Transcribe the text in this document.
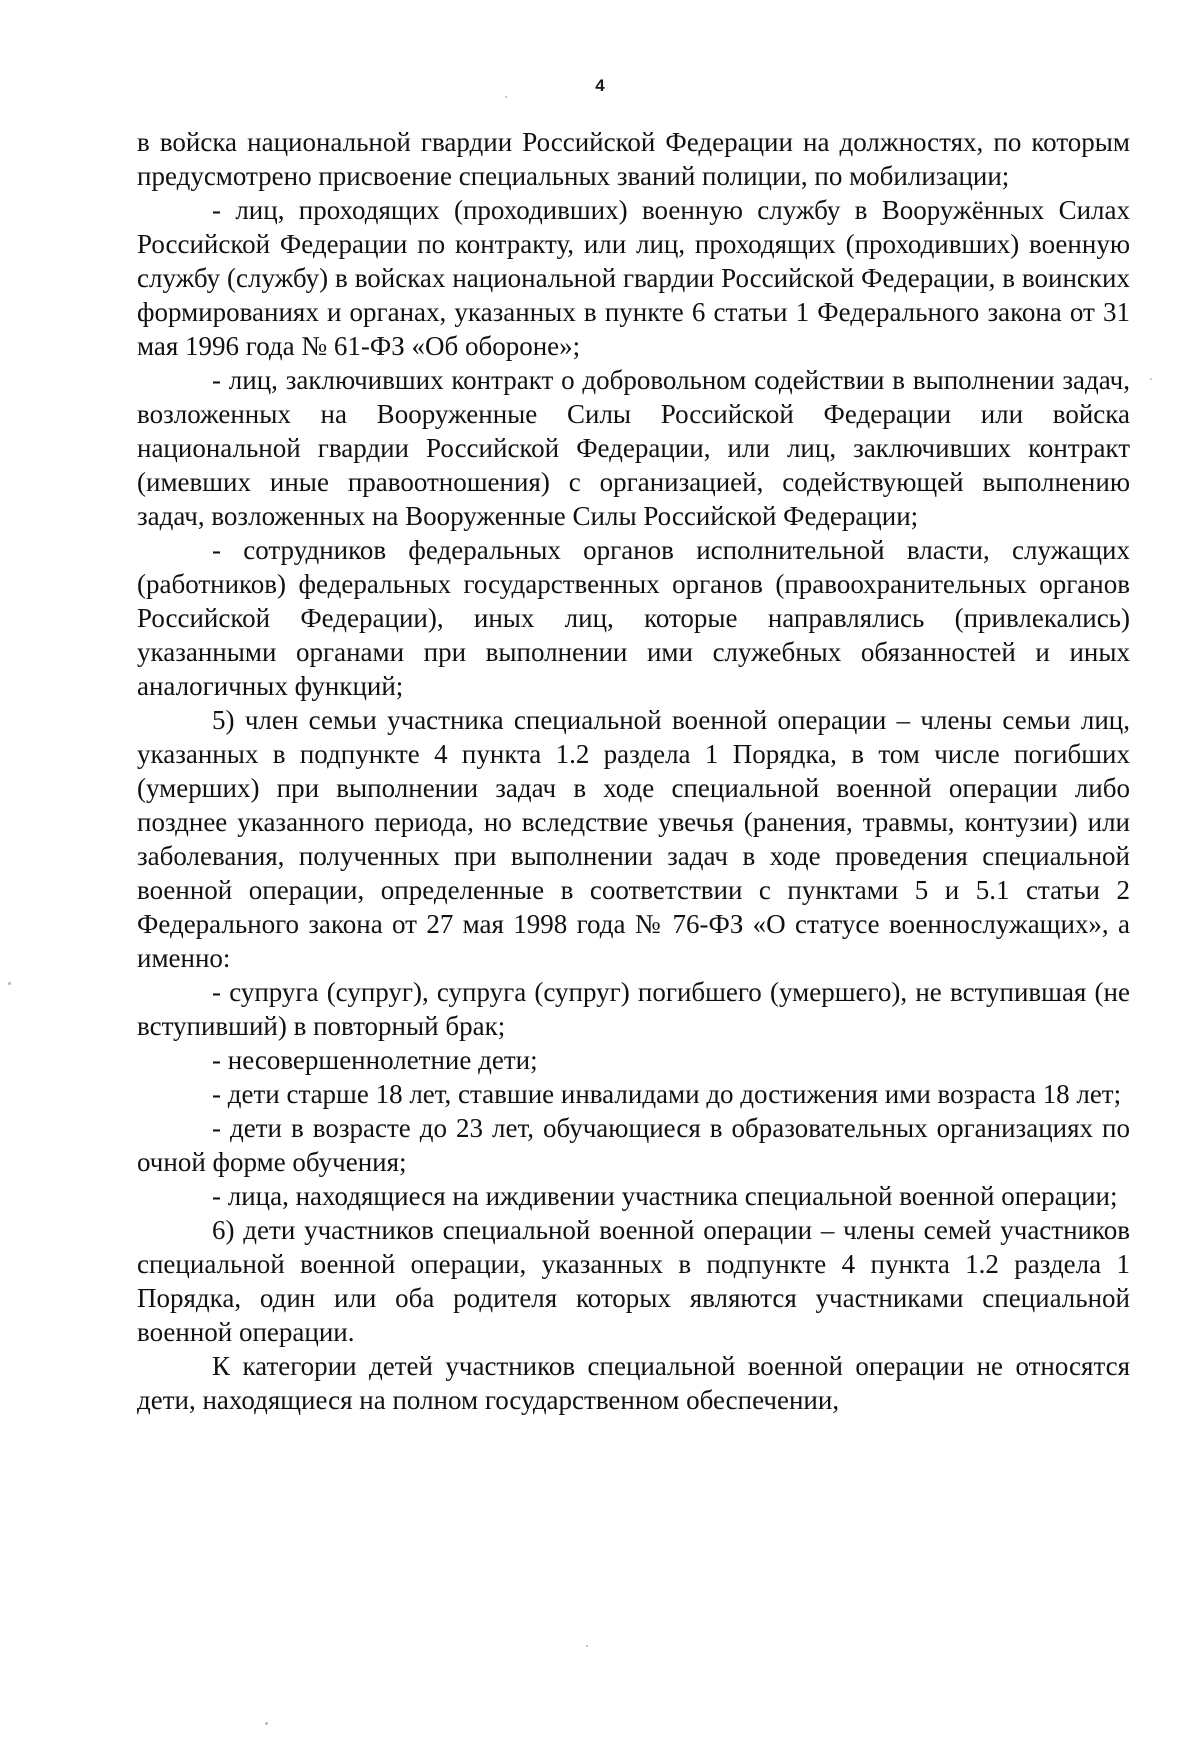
4

в войска национальной гвардии Российской Федерации на должностях, по которым предусмотрено присвоение специальных званий полиции, по мобилизации;

- лиц, проходящих (проходивших) военную службу в Вооружённых Силах Российской Федерации по контракту, или лиц, проходящих (проходивших) военную службу (службу) в войсках национальной гвардии Российской Федерации, в воинских формированиях и органах, указанных в пункте 6 статьи 1 Федерального закона от 31 мая 1996 года № 61-ФЗ «Об обороне»;

- лиц, заключивших контракт о добровольном содействии в выполнении задач, возложенных на Вооруженные Силы Российской Федерации или войска национальной гвардии Российской Федерации, или лиц, заключивших контракт (имевших иные правоотношения) с организацией, содействующей выполнению задач, возложенных на Вооруженные Силы Российской Федерации;

- сотрудников федеральных органов исполнительной власти, служащих (работников) федеральных государственных органов (правоохранительных органов Российской Федерации), иных лиц, которые направлялись (привлекались) указанными органами при выполнении ими служебных обязанностей и иных аналогичных функций;

5) член семьи участника специальной военной операции – члены семьи лиц, указанных в подпункте 4 пункта 1.2 раздела 1 Порядка, в том числе погибших (умерших) при выполнении задач в ходе специальной военной операции либо позднее указанного периода, но вследствие увечья (ранения, травмы, контузии) или заболевания, полученных при выполнении задач в ходе проведения специальной военной операции, определенные в соответствии с пунктами 5 и 5.1 статьи 2 Федерального закона от 27 мая 1998 года № 76-ФЗ «О статусе военнослужащих», а именно:

- супруга (супруг), супруга (супруг) погибшего (умершего), не вступившая (не вступивший) в повторный брак;

- несовершеннолетние дети;

- дети старше 18 лет, ставшие инвалидами до достижения ими возраста 18 лет;

- дети в возрасте до 23 лет, обучающиеся в образовательных организациях по очной форме обучения;

- лица, находящиеся на иждивении участника специальной военной операции;

6) дети участников специальной военной операции – члены семей участников специальной военной операции, указанных в подпункте 4 пункта 1.2 раздела 1 Порядка, один или оба родителя которых являются участниками специальной военной операции.

К категории детей участников специальной военной операции не относятся дети, находящиеся на полном государственном обеспечении,
